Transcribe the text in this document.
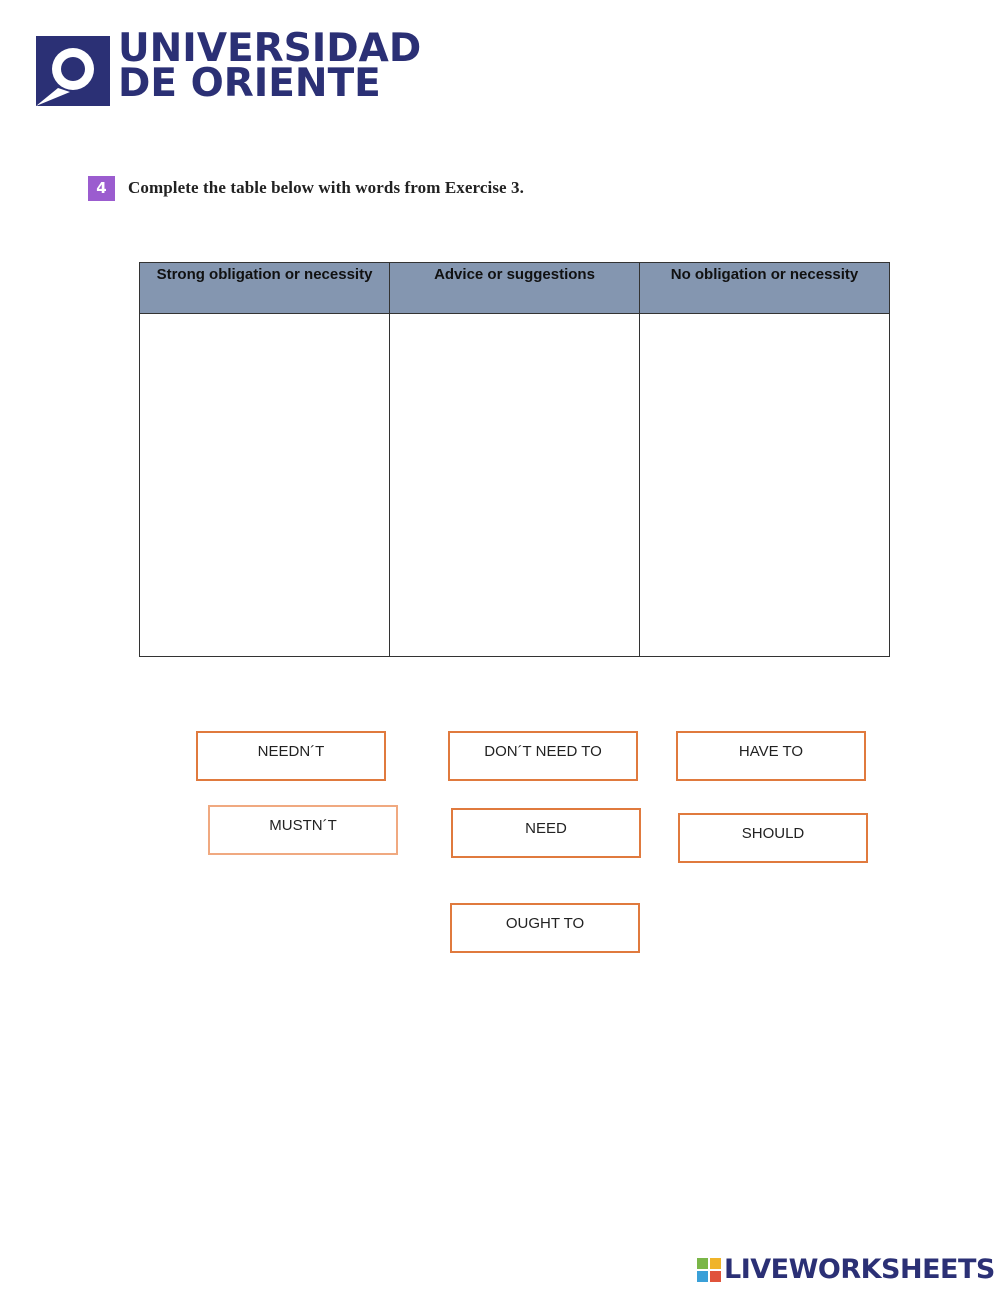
UNIVERSIDAD
DE ORIENTE
4	Complete the table below with words from Exercise 3.
Strong obligation or necessity	Advice or suggestions	No obligation or necessity

NEEDN´T	DON´T NEED TO	HAVE TO
MUSTN´T	NEED	SHOULD
OUGHT TO
LIVEWORKSHEETS
